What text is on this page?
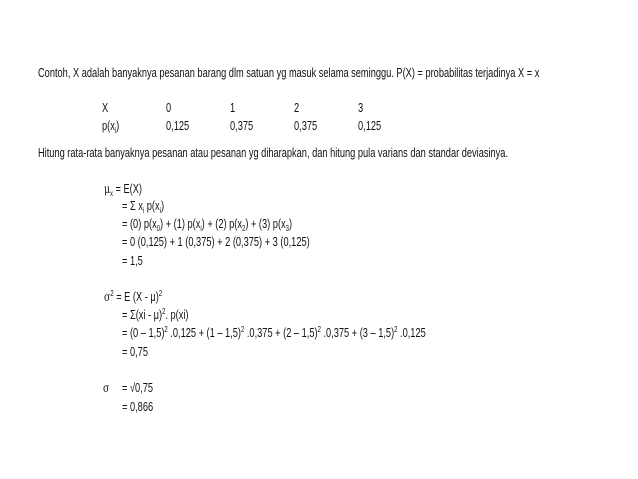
Contoh, X adalah banyaknya pesanan barang dlm satuan yg masuk selama seminggu. P(X) = probabilitas terjadinya X = x
X	0	1	2	3
$p(x_i)$	0,125	0,375	0,375	0,125
Hitung rata-rata banyaknya pesanan atau pesanan yg diharapkan, dan hitung pula varians dan standar deviasinya.
$\mu_x = E(X)$
= Σ $x_i$ $p(x_i)$
= (0) $p(x_0) + (1) p(x_i) + (2) p(x_2) + (3)$ $p(x_3)$
= 0 (0,125) + 1 (0,375) + 2 (0,375) + 3 (0,125)
= 1,5
$\sigma^2 = E$ (X - μ)$^2$
= Σ(xi - μ)$^2$. p(xi)
= (0 – 1,5)$^2$ .0,125 + (1 – 1,5)$^2$ .0,375 + (2 – 1,5)$^2$ .0,375 + (3 – 1,5)$^2$ .0,125
= 0,75
σ = √0,75
= 0,866
